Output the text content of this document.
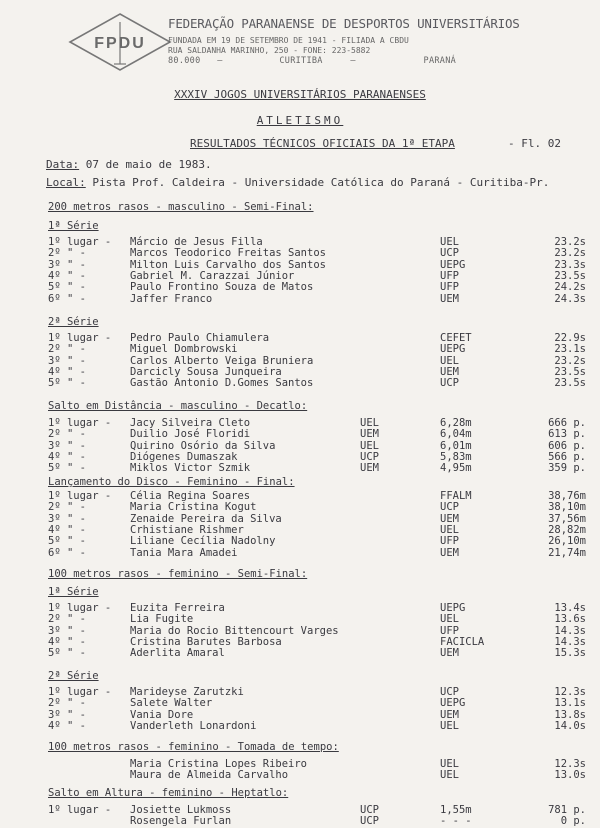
FPDU
FEDERAÇÃO PARANAENSE DE DESPORTOS UNIVERSITÁRIOS
FUNDADA EM 19 DE SETEMBRO DE 1941 - FILIADA A CBDU
RUA SALDANHA MARINHO, 250 - FONE: 223-5882
80.000 —	CURITIBA	—	PARANÁ
XXXIV JOGOS UNIVERSITÁRIOS PARANAENSES
ATLETISMO
RESULTADOS TÉCNICOS OFICIAIS DA 1ª ETAPA	- Fl. 02
Data: 07 de maio de 1983.
Local: Pista Prof. Caldeira - Universidade Católica do Paraná - Curitiba-Pr.
200 metros rasos - masculino - Semi-Final:
1ª Série
1º lugar - Márcio de Jesus Filla	UEL	23.2s
2º " -	Marcos Teodorico Freitas Santos	UCP	23.2s
3º " -	Milton Luis Carvalho dos Santos	UEPG	23.3s
4º " -	Gabriel M. Carazzai Júnior	UFP	23.5s
5º " -	Paulo Frontino Souza de Matos	UFP	24.2s
6º " -	Jaffer Franco	UEM	24.3s
2ª Série
1º lugar - Pedro Paulo Chiamulera	CEFET	22.9s
2º " -	Miguel Dombrowski	UEPG	23.1s
3º " -	Carlos Alberto Veiga Bruniera	UEL	23.2s
4º " -	Darcicly Sousa Junqueira	UEM	23.5s
5º " -	Gastão Antonio D.Gomes Santos	UCP	23.5s
Salto em Distância - masculino - Decatlo:
1º lugar - Jacy Silveira Cleto	UEL	6,28m	666 p.
2º " -	Duilio José Floridi	UEM	6,04m	613 p.
3º " -	Quirino Osório da Silva	UEL	6,01m	606 p.
4º " -	Diógenes Dumaszak	UCP	5,83m	566 p.
5º " -	Miklos Victor Szmik	UEM	4,95m	359 p.
Lançamento do Disco - Feminino - Final:
1º lugar - Célia Regina Soares	FFALM	38,76m
2º " -	Maria Cristina Kogut	UCP	38,10m
3º " -	Zenaide Pereira da Silva	UEM	37,56m
4º " -	Crhistiane Rishmer	UEL	28,82m
5º " -	Liliane Cecília Nadolny	UFP	26,10m
6º " -	Tania Mara Amadei	UEM	21,74m
100 metros rasos - feminino - Semi-Final:
1ª Série
1º lugar - Euzita Ferreira	UEPG	13.4s
2º " -	Lia Fugite	UEL	13.6s
3º " -	Maria do Rocio Bittencourt Varges	UFP	14.3s
4º " -	Cristina Barutes Barbosa	FACICLA	14.3s
5º " -	Aderlita Amaral	UEM	15.3s
2ª Série
1º lugar - Marideyse Zarutzki	UCP	12.3s
2º " -	Salete Walter	UEPG	13.1s
3º " -	Vania Dore	UEM	13.8s
4º " -	Vanderleth Lonardoni	UEL	14.0s
100 metros rasos - feminino - Tomada de tempo:
Maria Cristina Lopes Ribeiro	UEL	12.3s
Maura de Almeida Carvalho	UEL	13.0s
Salto em Altura - feminino - Heptatlo:
1º lugar - Josiette Lukmoss	UCP	1,55m	781 p.
Rosengela Furlan	UCP	- - -	0 p.
